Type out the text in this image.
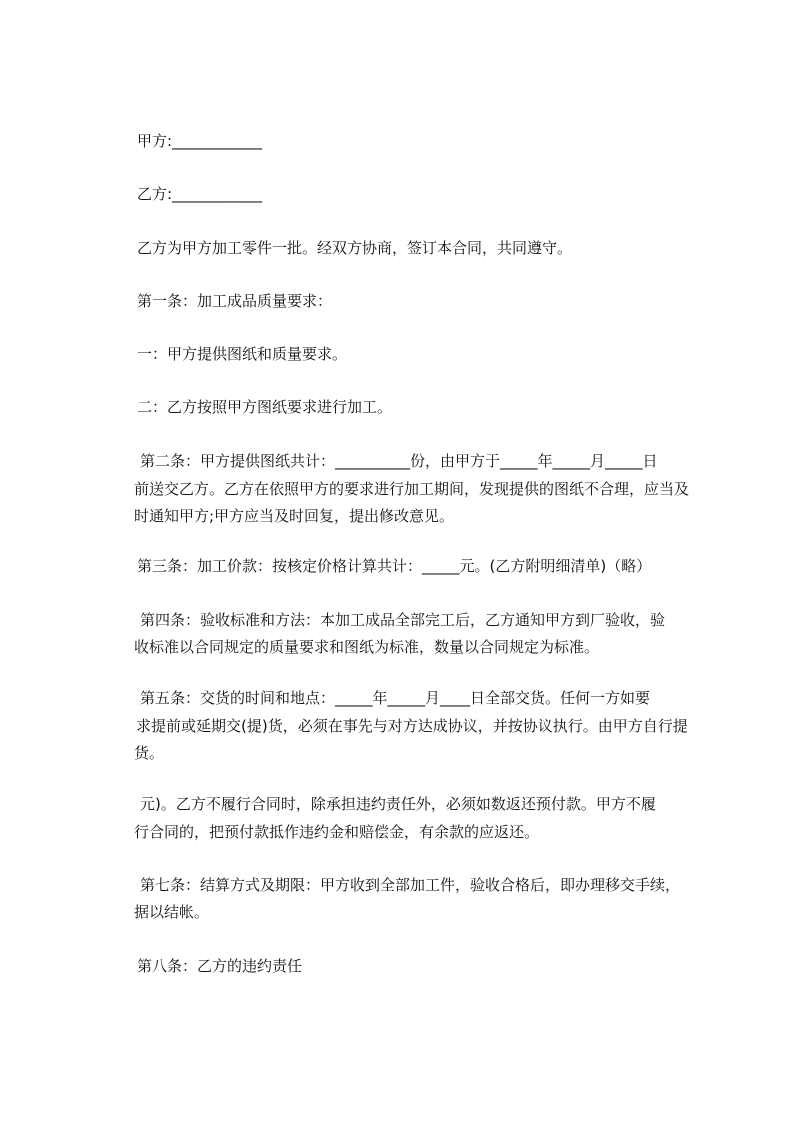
甲方:____________
乙方:____________
乙方为甲方加工零件一批。经双方协商，签订本合同，共同遵守。
第一条：加工成品质量要求：
一：甲方提供图纸和质量要求。
二：乙方按照甲方图纸要求进行加工。
第二条：甲方提供图纸共计：__________份，由甲方于_____年_____月_____日
前送交乙方。乙方在依照甲方的要求进行加工期间，发现提供的图纸不合理，应当及
时通知甲方;甲方应当及时回复，提出修改意见。
第三条：加工价款：按核定价格计算共计：_____元。(乙方附明细清单)（略）
第四条：验收标准和方法：本加工成品全部完工后，乙方通知甲方到厂验收，验
收标准以合同规定的质量要求和图纸为标准，数量以合同规定为标准。
第五条：交货的时间和地点：_____年_____月____日全部交货。任何一方如要
求提前或延期交(提)货，必须在事先与对方达成协议，并按协议执行。由甲方自行提
货。
元)。乙方不履行合同时，除承担违约责任外，必须如数返还预付款。甲方不履
行合同的，把预付款抵作违约金和赔偿金，有余款的应返还。
第七条：结算方式及期限：甲方收到全部加工件，验收合格后，即办理移交手续，
据以结帐。
第八条：乙方的违约责任
